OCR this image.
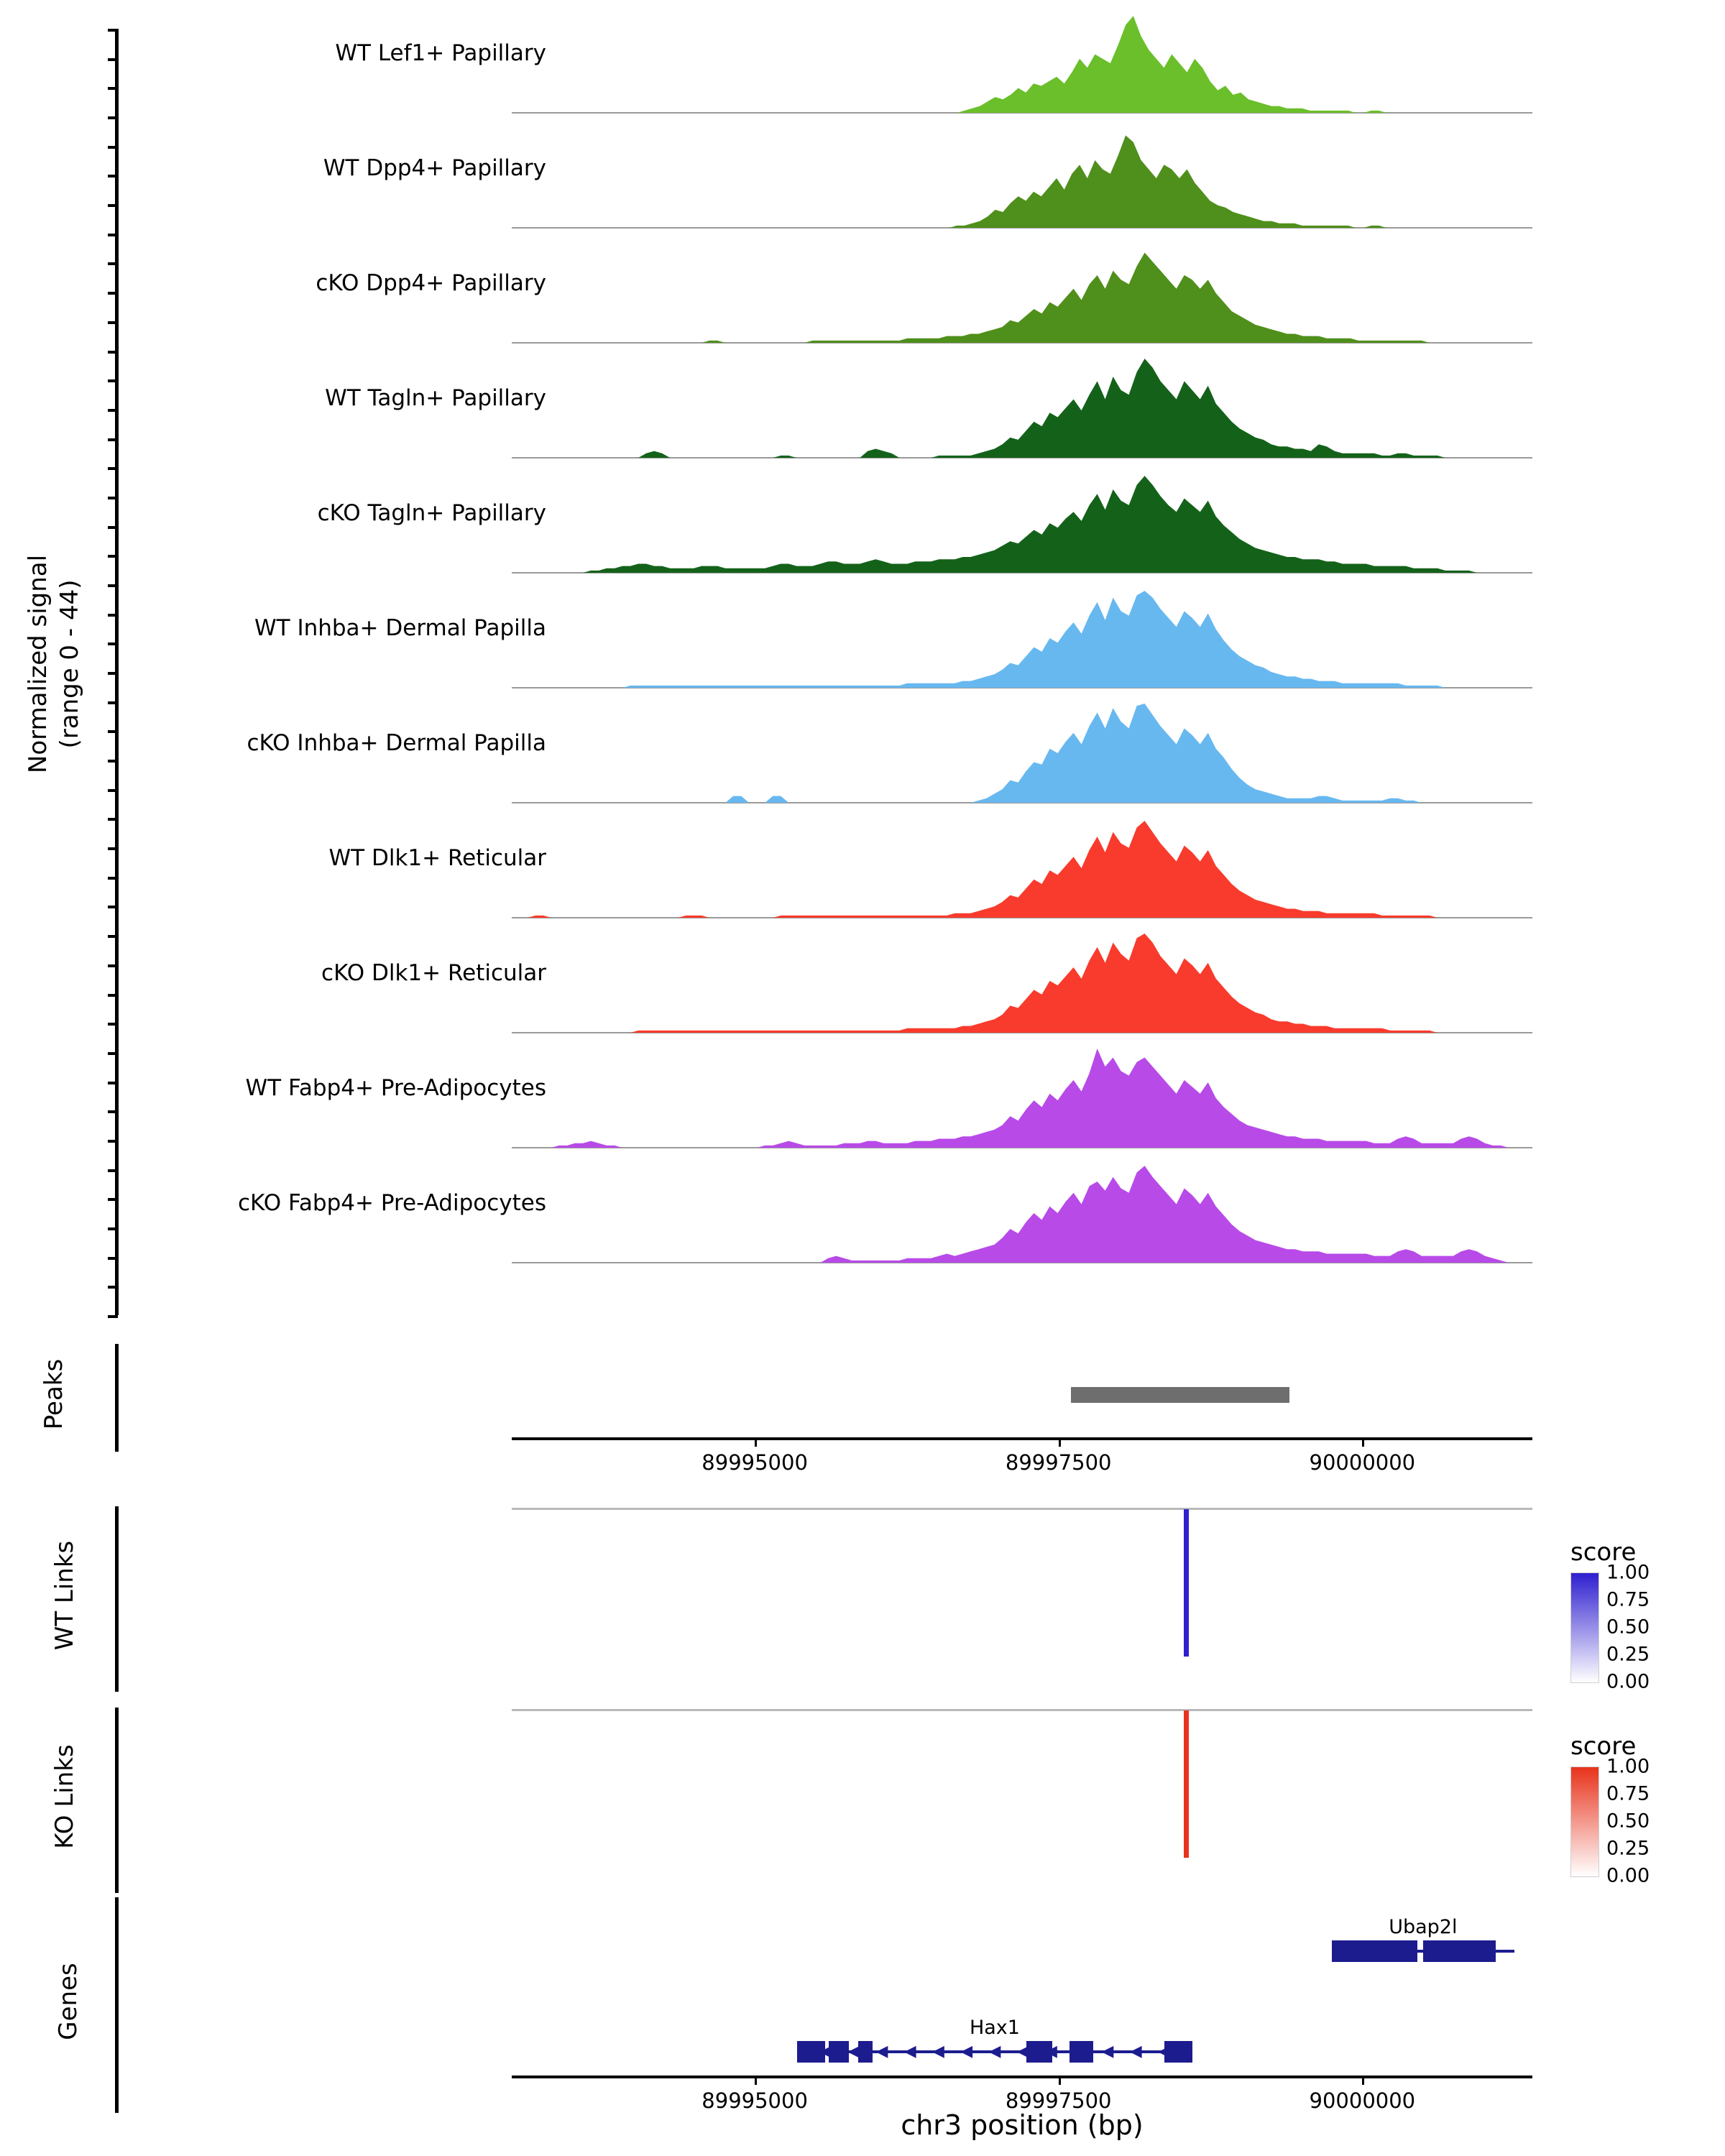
Normalized signal (range 0 - 44)
WT Lef1+ Papillary
WT Dpp4+ Papillary
cKO Dpp4+ Papillary
WT Tagln+ Papillary
cKO Tagln+ Papillary
WT Inhba+ Dermal Papilla
cKO Inhba+ Dermal Papilla
WT Dlk1+ Reticular
cKO Dlk1+ Reticular
WT Fabp4+ Pre-Adipocytes
cKO Fabp4+ Pre-Adipocytes
Peaks
89995000	89997500	90000000
WT Links	score
1.00
0.75
0.50
0.25
0.00
KO Links	score
1.00
0.75
0.50
0.25
0.00
Genes
◀ ◀ ◀ ◀ ◀ ◀ ◀ ◀ ◀ ◀ ◀ ◀ ◀
Hax1
◀ ◀ ◀ ◀ ◀ ◀
Ubap2l
89995000	89997500	90000000
chr3 position (bp)
